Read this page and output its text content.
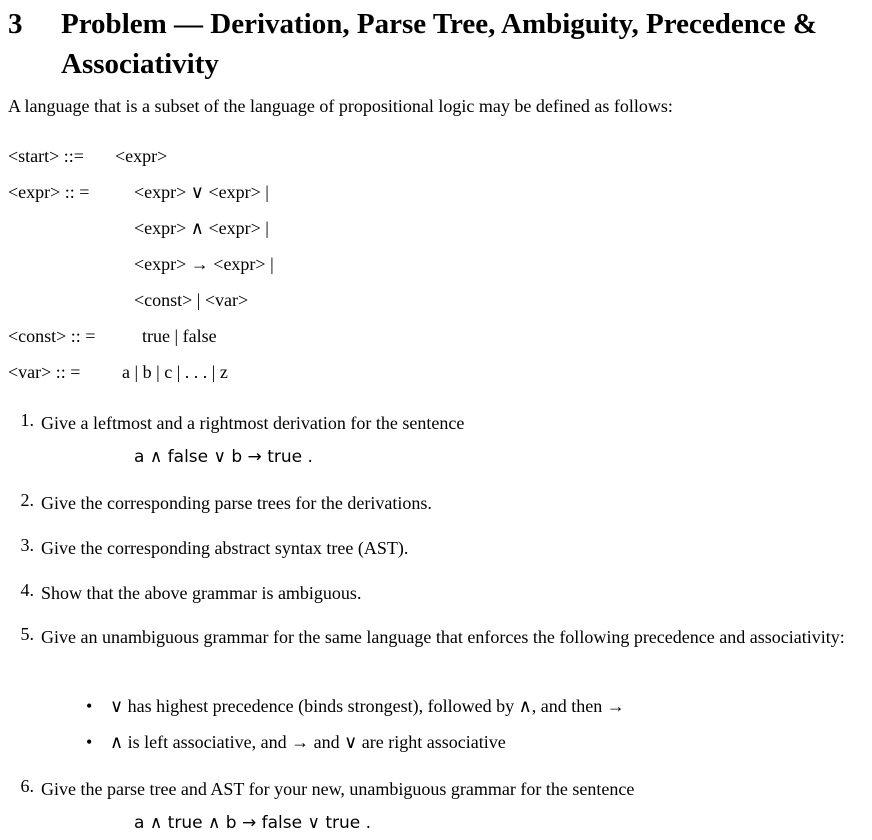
3 Problem — Derivation, Parse Tree, Ambiguity, Precedence & Associativity
A language that is a subset of the language of propositional logic may be defined as follows:
<start> ::= <expr>
<expr> :: = <expr> ∨ <expr> |
<expr> ∧ <expr> |
<expr> → <expr> |
<const> | <var>
<const> :: =	true | false
<var> :: = a | b | c | . . . | z
1. Give a leftmost and a rightmost derivation for the sentence
a ∧ false ∨ b → true .
2. Give the corresponding parse trees for the derivations.
3. Give the corresponding abstract syntax tree (AST).
4. Show that the above grammar is ambiguous.
5. Give an unambiguous grammar for the same language that enforces the following precedence and associativity:
• ∨ has highest precedence (binds strongest), followed by ∧, and then →
• ∧ is left associative, and → and ∨ are right associative
6. Give the parse tree and AST for your new, unambiguous grammar for the sentence
a ∧ true ∧ b → false ∨ true .
